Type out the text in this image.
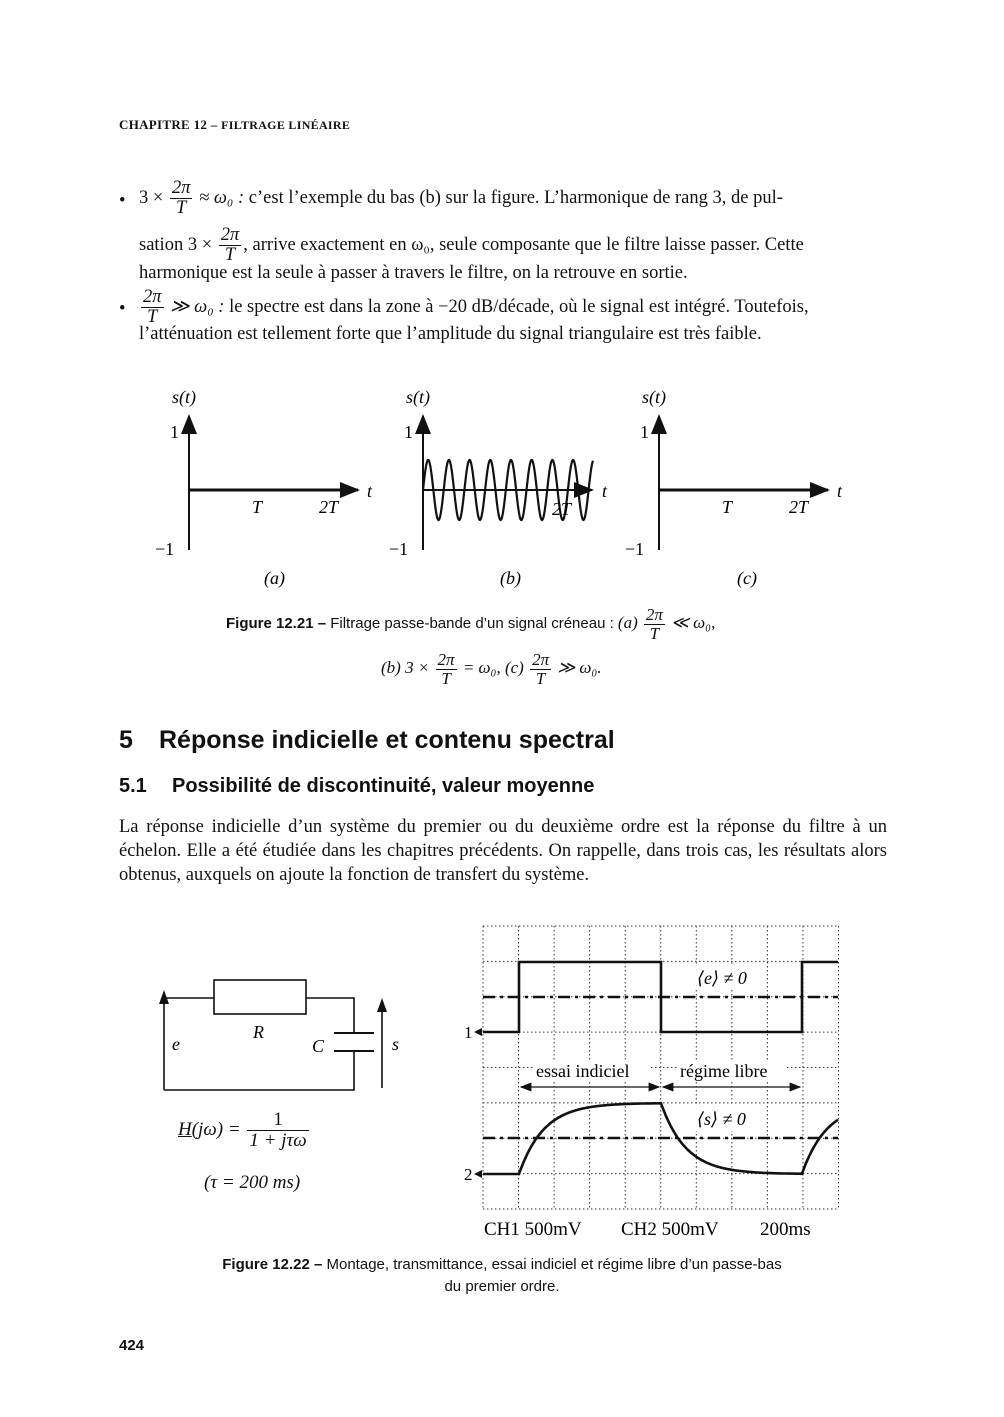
CHAPITRE 12 – FILTRAGE LINÉAIRE
• $3 \times \frac{2\pi}{T} \approx \omega_0$ : c’est l’exemple du bas (b) sur la figure. L’harmonique de rang 3, de pul-
sation $3 \times \frac{2\pi}{T}$ , arrive exactement en ω₀, seule composante que le filtre laisse passer. Cette
harmonique est la seule à passer à travers le filtre, on la retrouve en sortie.
• $\frac{2\pi}{T}$ ≫ ω₀ : le spectre est dans la zone à −20 dB/décade, où le signal est intégré. Toutefois,
l’atténuation est tellement forte que l’amplitude du signal triangulaire est très faible.
s(t)
1
−1
T	2T
t
(a)
s(t)
1
−1
2T
t
(b)
s(t)
1
−1
T	2T
t
(c)
Figure 12.21 – Filtrage passe-bande d’un signal créneau : $(a) \frac{2\pi}{T}$ ≪ ω₀,
(b) $3 \times \frac{2\pi}{T} = \omega_0$, $(c) \frac{2\pi}{T}$ ≫ ω₀.
5 Réponse indicielle et contenu spectral
5.1 Possibilité de discontinuité, valeur moyenne
La réponse indicielle d’un système du premier ou du deuxième ordre est la réponse du filtre à un échelon. Elle a été étudiée dans les chapitres précédents. On rappelle, dans trois cas, les résultats alors obtenus, auxquels on ajoute la fonction de transfert du système.
e
R
C	s
$H(j\omega) = \frac{1}{\text{1 + jτω}}$
(τ = 200 ms)
1
2
⟨e⟩ ≠ 0
⟨s⟩ ≠ 0
essai indiciel	régime libre
CH1 500mV CH2 500mV 200ms
Figure 12.22 – Montage, transmittance, essai indiciel et régime libre d’un passe-bas
du premier ordre.
424
